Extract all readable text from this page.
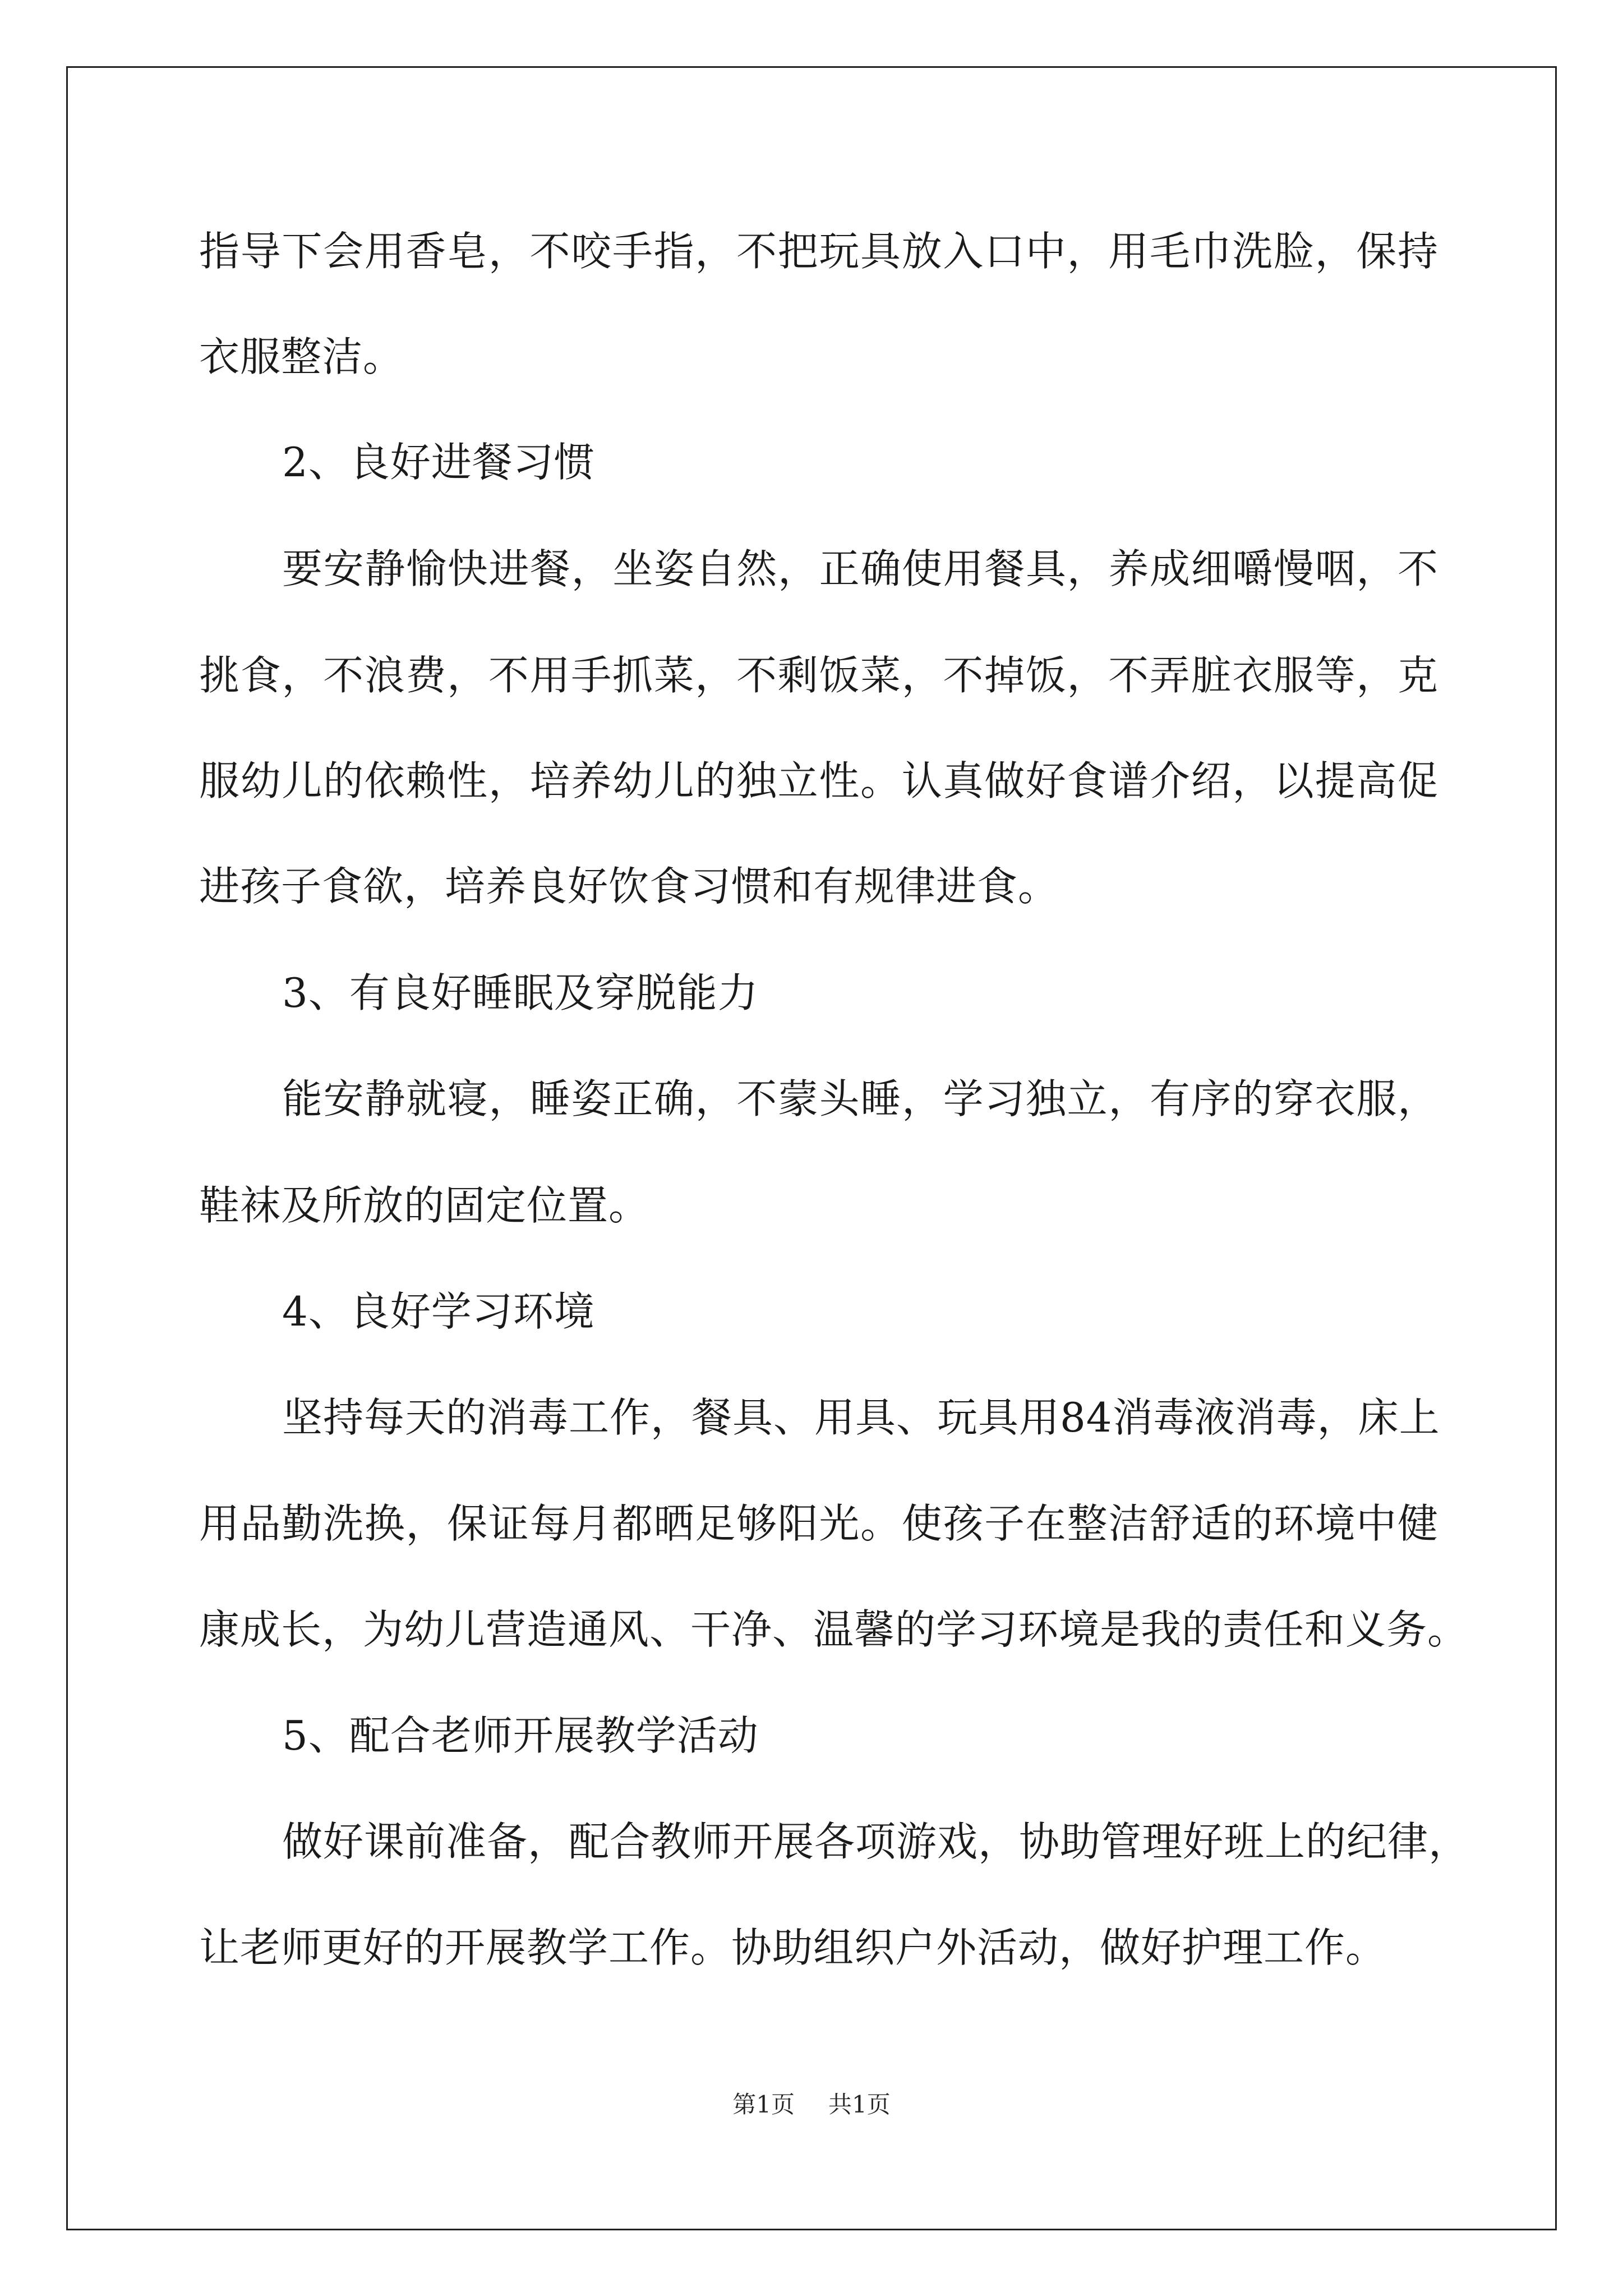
指导下会用香皂，不咬手指，不把玩具放入口中，用毛巾洗脸，保持
衣服整洁。
2、良好进餐习惯
要安静愉快进餐，坐姿自然，正确使用餐具，养成细嚼慢咽，不
挑食，不浪费，不用手抓菜，不剩饭菜，不掉饭，不弄脏衣服等，克
服幼儿的依赖性，培养幼儿的独立性。认真做好食谱介绍，以提高促
进孩子食欲，培养良好饮食习惯和有规律进食。
3、有良好睡眠及穿脱能力
能安静就寝，睡姿正确，不蒙头睡，学习独立，有序的穿衣服，
鞋袜及所放的固定位置。
4、良好学习环境
坚持每天的消毒工作，餐具、用具、玩具用84消毒液消毒，床上
用品勤洗换，保证每月都晒足够阳光。使孩子在整洁舒适的环境中健
康成长，为幼儿营造通风、干净、温馨的学习环境是我的责任和义务。
5、配合老师开展教学活动
做好课前准备，配合教师开展各项游戏，协助管理好班上的纪律，
让老师更好的开展教学工作。协助组织户外活动，做好护理工作。
第1页 共1页
